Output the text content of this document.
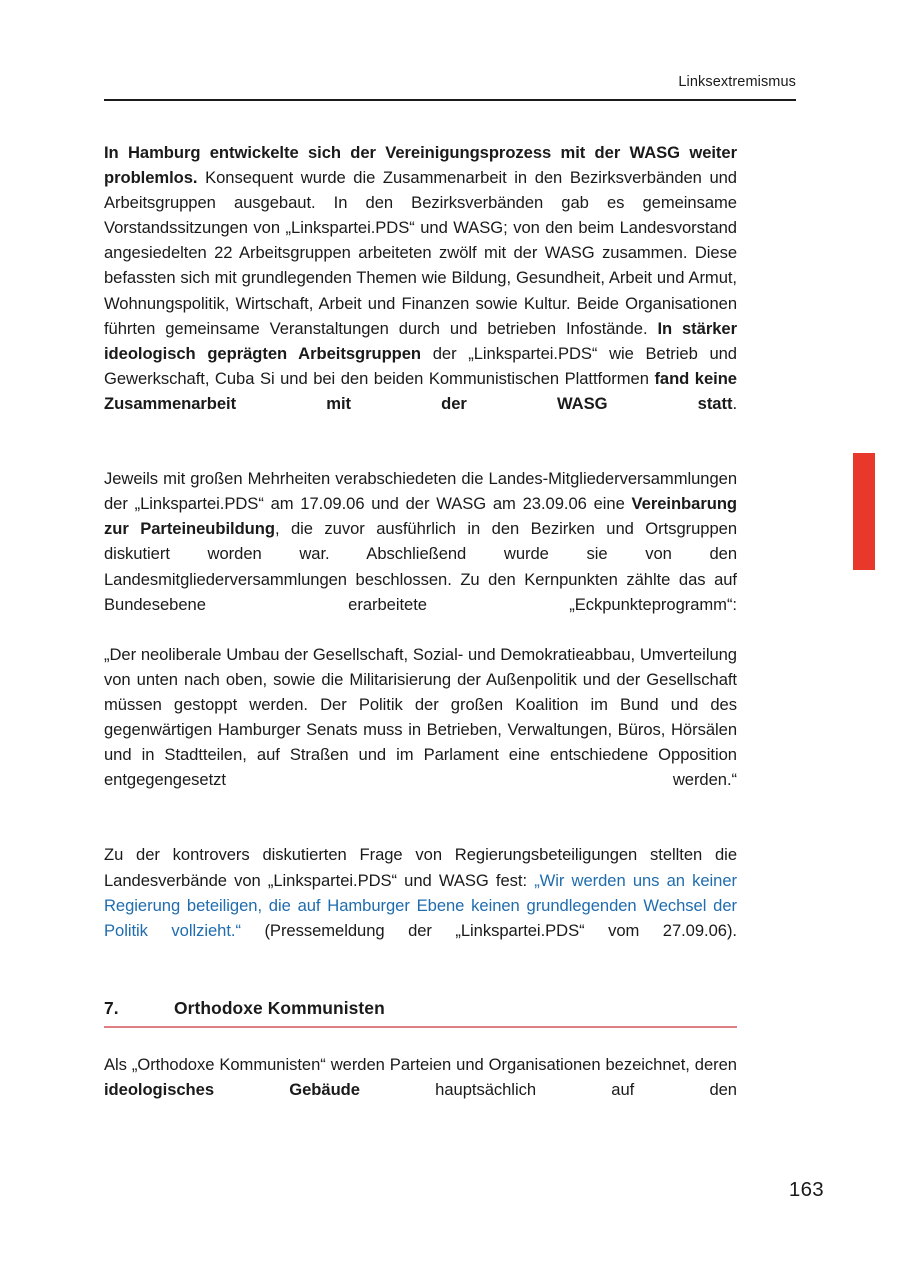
Linksextremismus

In Hamburg entwickelte sich der Vereinigungsprozess mit der WASG weiter problemlos. Konsequent wurde die Zusammenarbeit in den Bezirksverbänden und Arbeitsgruppen ausgebaut. In den Bezirksverbänden gab es gemeinsame Vorstandssitzungen von „Linkspartei.PDS“ und WASG; von den beim Landesvorstand angesiedelten 22 Arbeitsgruppen arbeiteten zwölf mit der WASG zusammen. Diese befassten sich mit grundlegenden Themen wie Bildung, Gesundheit, Arbeit und Armut, Wohnungspolitik, Wirtschaft, Arbeit und Finanzen sowie Kultur. Beide Organisationen führten gemeinsame Veranstaltungen durch und betrieben Infostände. In stärker ideologisch geprägten Arbeitsgruppen der „Linkspartei.PDS“ wie Betrieb und Gewerkschaft, Cuba Si und bei den beiden Kommunistischen Plattformen fand keine Zusammenarbeit mit der WASG statt.

Jeweils mit großen Mehrheiten verabschiedeten die Landes-Mitgliederversammlungen der „Linkspartei.PDS“ am 17.09.06 und der WASG am 23.09.06 eine Vereinbarung zur Parteineubildung, die zuvor ausführlich in den Bezirken und Ortsgruppen diskutiert worden war. Abschließend wurde sie von den Landesmitgliederversammlungen beschlossen. Zu den Kernpunkten zählte das auf Bundesebene erarbeitete „Eckpunkteprogramm“:

„Der neoliberale Umbau der Gesellschaft, Sozial- und Demokratieabbau, Umverteilung von unten nach oben, sowie die Militarisierung der Außenpolitik und der Gesellschaft müssen gestoppt werden. Der Politik der großen Koalition im Bund und des gegenwärtigen Hamburger Senats muss in Betrieben, Verwaltungen, Büros, Hörsälen und in Stadtteilen, auf Straßen und im Parlament eine entschiedene Opposition entgegengesetzt werden.“

Zu der kontrovers diskutierten Frage von Regierungsbeteiligungen stellten die Landesverbände von „Linkspartei.PDS“ und WASG fest: „Wir werden uns an keiner Regierung beteiligen, die auf Hamburger Ebene keinen grundlegenden Wechsel der Politik vollzieht.“ (Pressemeldung der „Linkspartei.PDS“ vom 27.09.06).

7.	Orthodoxe Kommunisten

Als „Orthodoxe Kommunisten“ werden Parteien und Organisationen bezeichnet, deren ideologisches Gebäude hauptsächlich auf den

163
